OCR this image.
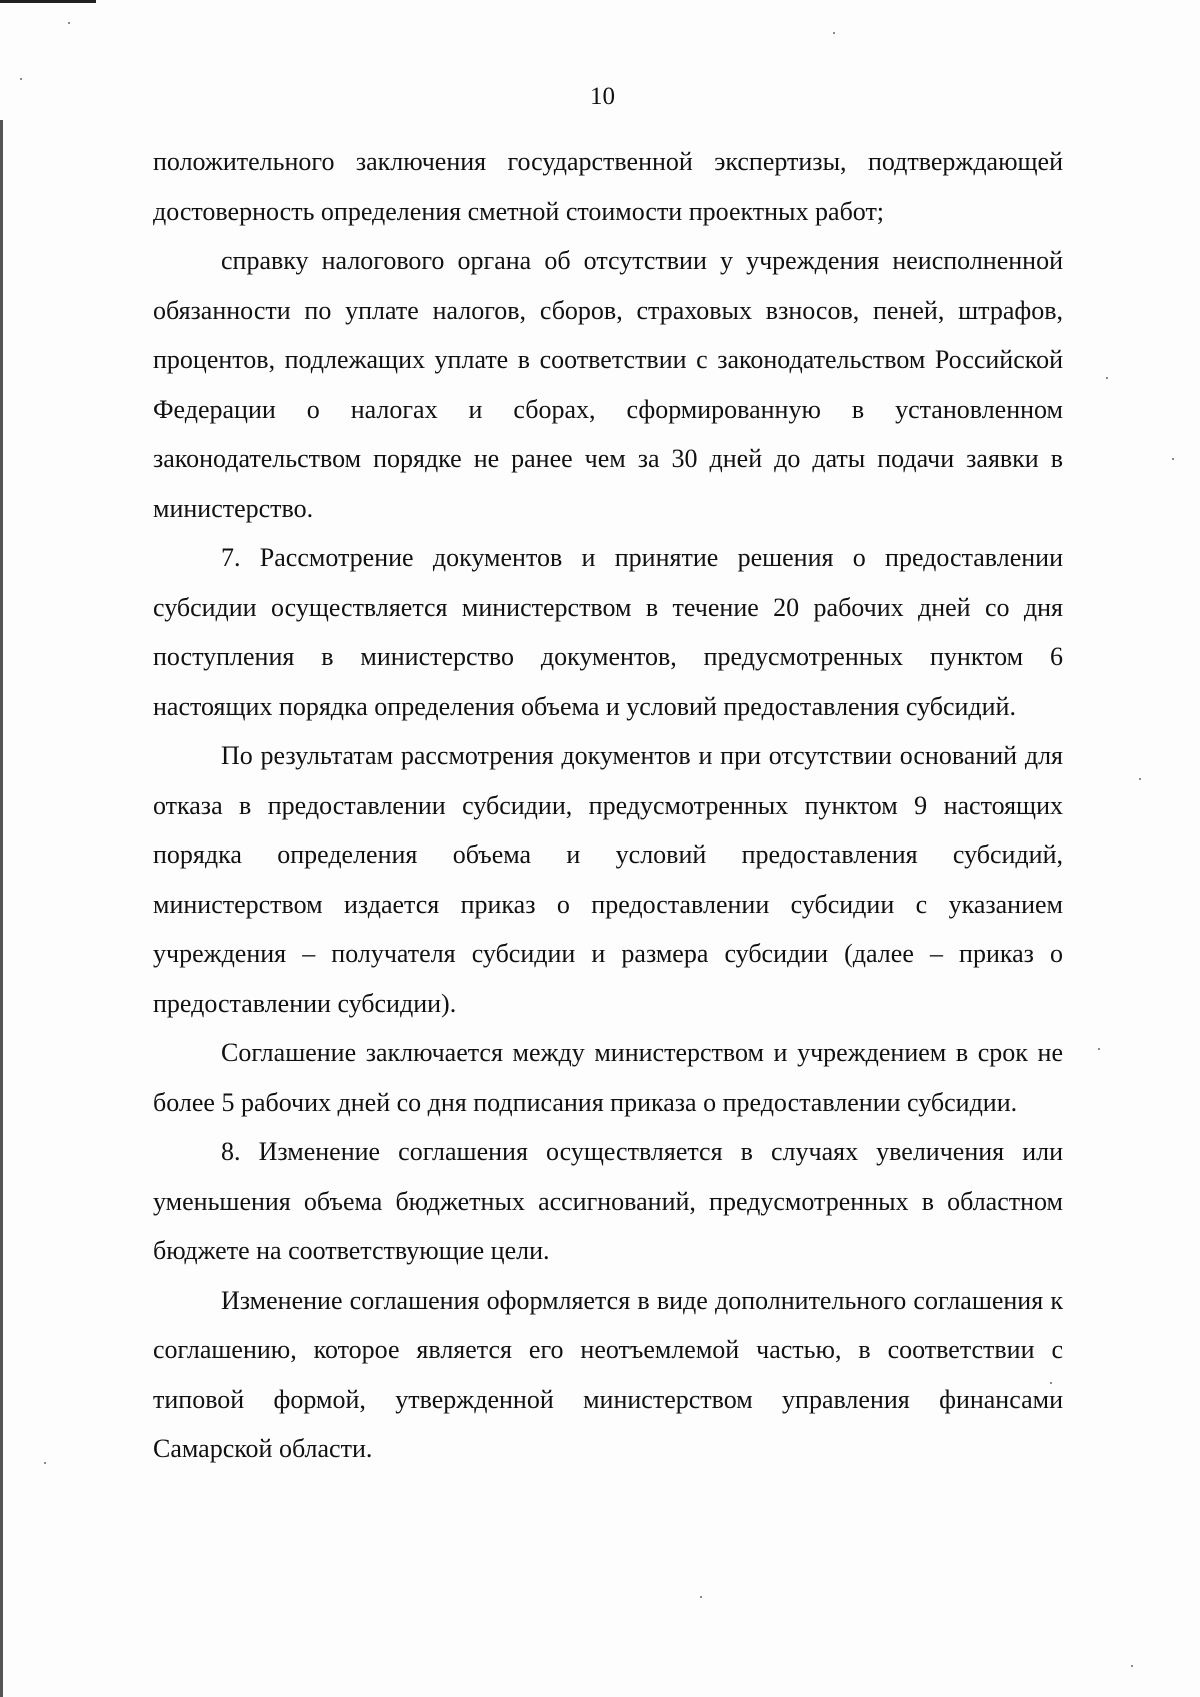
10

положительного заключения государственной экспертизы, подтверждающей достоверность определения сметной стоимости проектных работ;

справку налогового органа об отсутствии у учреждения неисполненной обязанности по уплате налогов, сборов, страховых взносов, пеней, штрафов, процентов, подлежащих уплате в соответствии с законодательством Российской Федерации о налогах и сборах, сформированную в установленном законодательством порядке не ранее чем за 30 дней до даты подачи заявки в министерство.

7. Рассмотрение документов и принятие решения о предоставлении субсидии осуществляется министерством в течение 20 рабочих дней со дня поступления в министерство документов, предусмотренных пунктом 6 настоящих порядка определения объема и условий предоставления субсидий.

По результатам рассмотрения документов и при отсутствии оснований для отказа в предоставлении субсидии, предусмотренных пунктом 9 настоящих порядка определения объема и условий предоставления субсидий, министерством издается приказ о предоставлении субсидии с указанием учреждения – получателя субсидии и размера субсидии (далее – приказ о предоставлении субсидии).

Соглашение заключается между министерством и учреждением в срок не более 5 рабочих дней со дня подписания приказа о предоставлении субсидии.

8. Изменение соглашения осуществляется в случаях увеличения или уменьшения объема бюджетных ассигнований, предусмотренных в областном бюджете на соответствующие цели.

Изменение соглашения оформляется в виде дополнительного соглашения к соглашению, которое является его неотъемлемой частью, в соответствии с типовой формой, утвержденной министерством управления финансами Самарской области.
